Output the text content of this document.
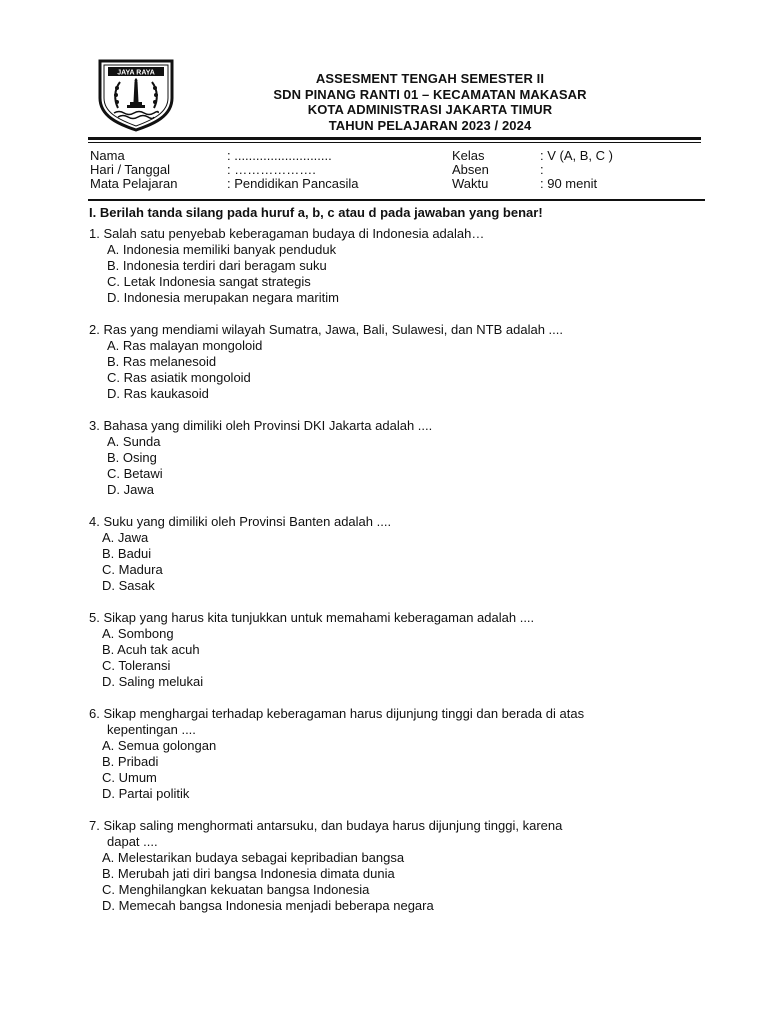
JAYA RAYA	ASSESMENT TENGAH SEMESTER II
SDN PINANG RANTI 01 – KECAMATAN MAKASAR
KOTA ADMINISTRASI JAKARTA TIMUR
TAHUN PELAJARAN 2023 / 2024
Nama
Hari / Tanggal
Mata Pelajaran
: ...........................
: ……………….
: Pendidikan Pancasila
Kelas
Absen
Waktu
: V (A, B, C )
:
: 90 menit
I. Berilah tanda silang pada huruf a, b, c atau d pada jawaban yang benar!
1. Salah satu penyebab keberagaman budaya di Indonesia adalah…
A. Indonesia memiliki banyak penduduk
B. Indonesia terdiri dari beragam suku
C. Letak Indonesia sangat strategis
D. Indonesia merupakan negara maritim
2. Ras yang mendiami wilayah Sumatra, Jawa, Bali, Sulawesi, dan NTB adalah ....
A. Ras malayan mongoloid
B. Ras melanesoid
C. Ras asiatik mongoloid
D. Ras kaukasoid
3. Bahasa yang dimiliki oleh Provinsi DKI Jakarta adalah ....
A. Sunda
B. Osing
C. Betawi
D. Jawa
4. Suku yang dimiliki oleh Provinsi Banten adalah ....
A. Jawa
B. Badui
C. Madura
D. Sasak
5. Sikap yang harus kita tunjukkan untuk memahami keberagaman adalah ....
A. Sombong
B. Acuh tak acuh
C. Toleransi
D. Saling melukai
6. Sikap menghargai terhadap keberagaman harus dijunjung tinggi dan berada di atas
kepentingan ....
A. Semua golongan
B. Pribadi
C. Umum
D. Partai politik
7. Sikap saling menghormati antarsuku, dan budaya harus dijunjung tinggi, karena
dapat ....
A. Melestarikan budaya sebagai kepribadian bangsa
B. Merubah jati diri bangsa Indonesia dimata dunia
C. Menghilangkan kekuatan bangsa Indonesia
D. Memecah bangsa Indonesia menjadi beberapa negara
